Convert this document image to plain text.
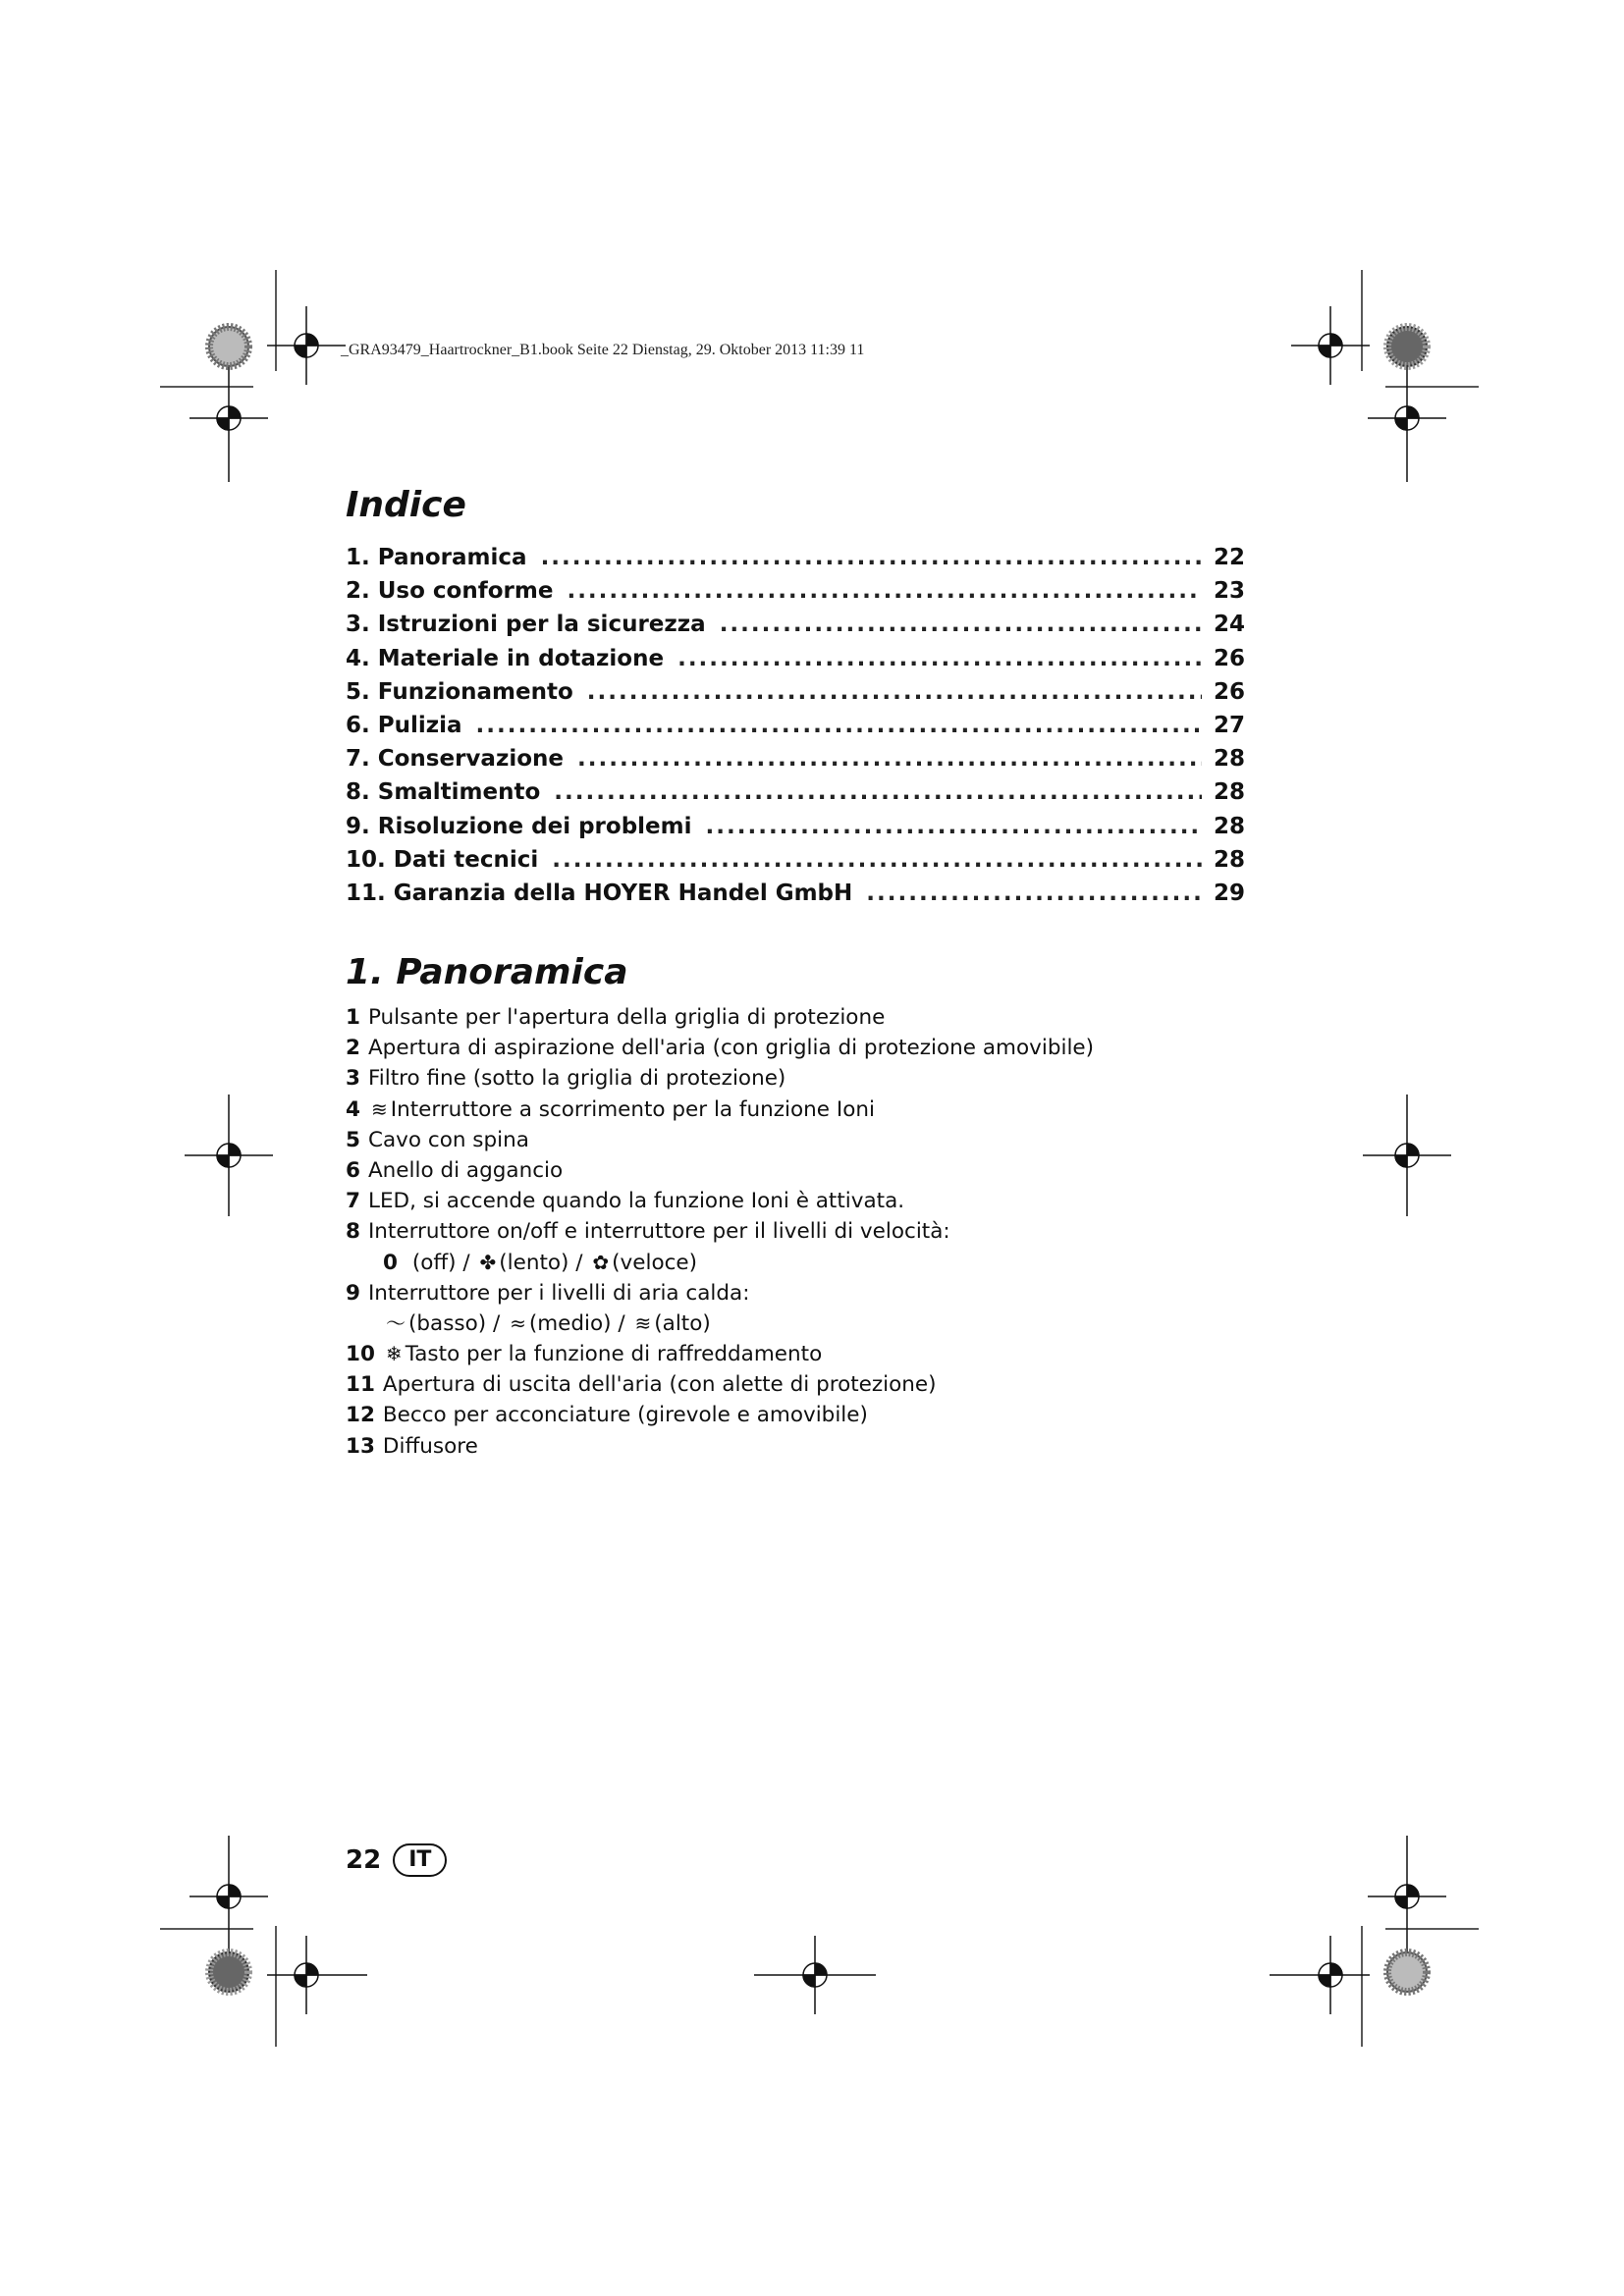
_GRA93479_Haartrockner_B1.book Seite 22 Dienstag, 29. Oktober 2013 11:39 11
Indice
1. Panoramica .....	22
2. Uso conforme .....	23
3. Istruzioni per la sicurezza .....	24
4. Materiale in dotazione .....	26
5. Funzionamento .....	26
6. Pulizia .....	27
7. Conservazione .....	28
8. Smaltimento .....	28
9. Risoluzione dei problemi .....	28
10. Dati tecnici .....	28
11. Garanzia della HOYER Handel GmbH .....	29
1. Panoramica
1 Pulsante per l'apertura della griglia di protezione
2 Apertura di aspirazione dell'aria (con griglia di protezione amovibile)
3 Filtro fine (sotto la griglia di protezione)
4 ≋ Interruttore a scorrimento per la funzione Ioni
5 Cavo con spina
6 Anello di aggancio
7 LED, si accende quando la funzione Ioni è attivata.
8 Interruttore on/off e interruttore per il livelli di velocità:
0 (off) / ✤ (lento) / ✿ (veloce)
9 Interruttore per i livelli di aria calda:
〜 (basso) / ≈ (medio) / ≋ (alto)
10 ❄ Tasto per la funzione di raffreddamento
11 Apertura di uscita dell'aria (con alette di protezione)
12 Becco per acconciature (girevole e amovibile)
13 Diffusore
22	IT
